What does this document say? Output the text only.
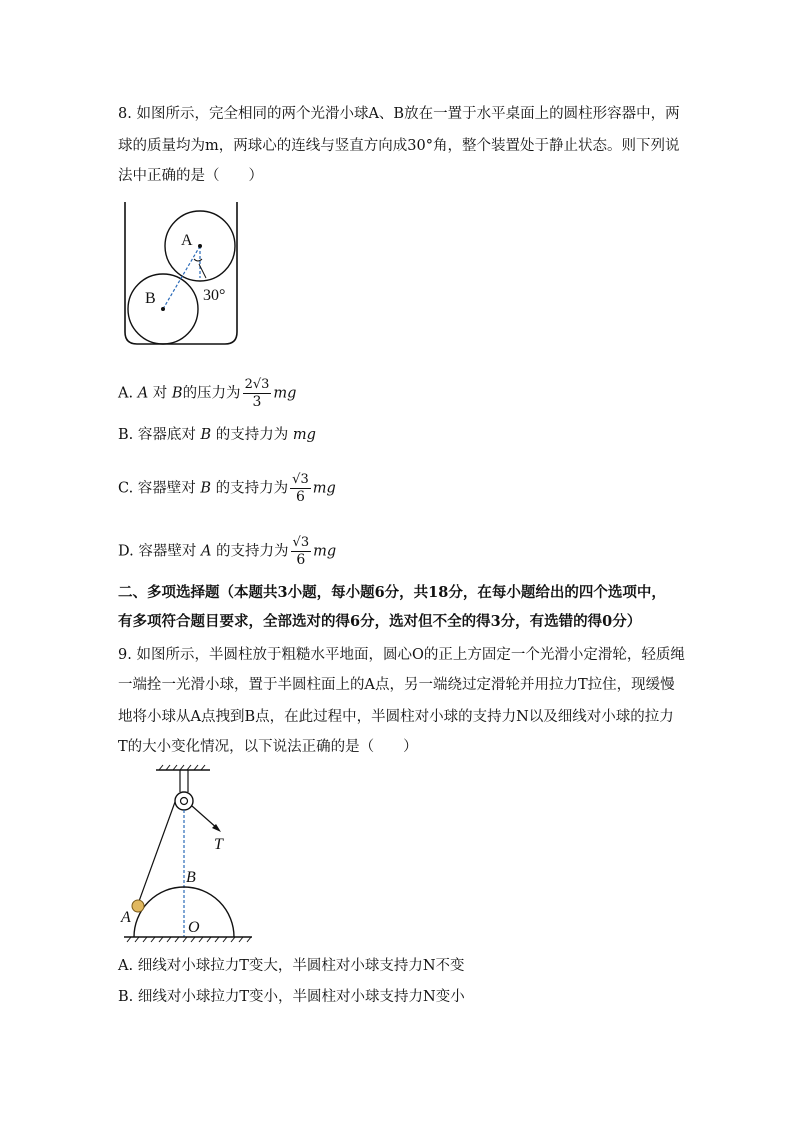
8. 如图所示，完全相同的两个光滑小球A、B放在一置于水平桌面上的圆柱形容器中，两
球的质量均为m，两球心的连线与竖直方向成30°角，整个装置处于静止状态。则下列说
法中正确的是（　　）
A
B	30°
A. A 对 B的压力为 $\frac{2√3}{3}$ mg
B. 容器底对 B 的支持力为 mg
C. 容器壁对 B 的支持力为 $\frac{√3}{6}$ mg
D. 容器壁对 A 的支持力为 $\frac{√3}{6}$ mg
二、多项选择题（本题共3小题，每小题6分，共18分，在每小题给出的四个选项中，
有多项符合题目要求，全部选对的得6分，选对但不全的得3分，有选错的得0分）
9. 如图所示，半圆柱放于粗糙水平地面，圆心O的正上方固定一个光滑小定滑轮，轻质绳
一端拴一光滑小球，置于半圆柱面上的A点，另一端绕过定滑轮并用拉力T拉住，现缓慢
地将小球从A点拽到B点，在此过程中，半圆柱对小球的支持力N以及细线对小球的拉力
T的大小变化情况，以下说法正确的是（　　）
T
B
A
O
A. 细线对小球拉力T变大，半圆柱对小球支持力N不变
B. 细线对小球拉力T变小，半圆柱对小球支持力N变小
